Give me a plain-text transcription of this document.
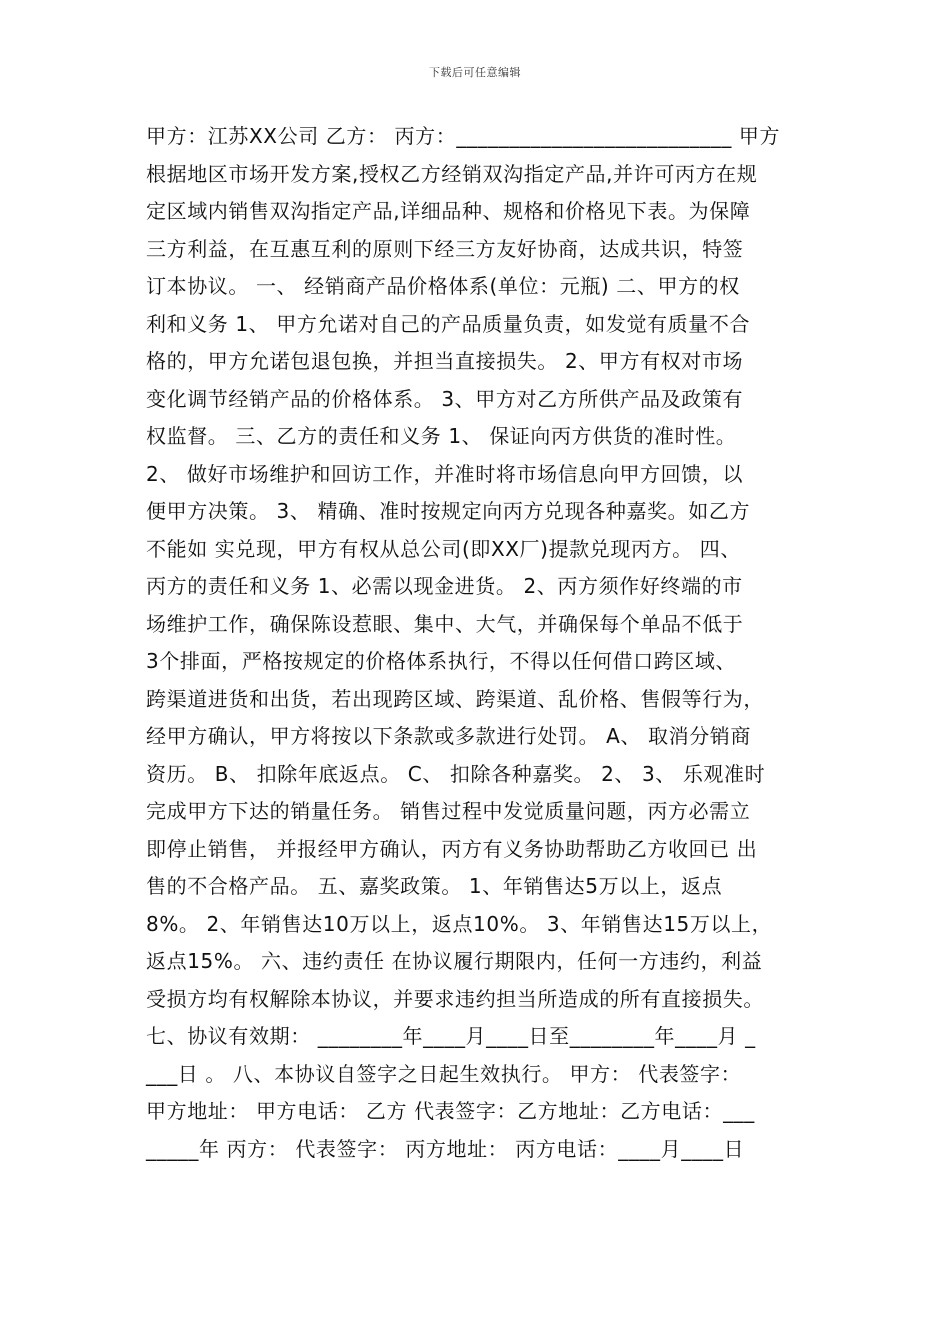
下载后可任意编辑
甲方：江苏XX公司 乙方： 丙方：__________________________ 甲方
根据地区市场开发方案,授权乙方经销双沟指定产品,并许可丙方在规
定区域内销售双沟指定产品,详细品种、规格和价格见下表。为保障
三方利益，在互惠互利的原则下经三方友好协商，达成共识，特签
订本协议。 一、 经销商产品价格体系(单位：元瓶) 二、甲方的权
利和义务 1、 甲方允诺对自己的产品质量负责，如发觉有质量不合
格的，甲方允诺包退包换，并担当直接损失。 2、甲方有权对市场
变化调节经销产品的价格体系。 3、甲方对乙方所供产品及政策有
权监督。 三、乙方的责任和义务 1、 保证向丙方供货的准时性。
2、 做好市场维护和回访工作，并准时将市场信息向甲方回馈，以
便甲方决策。 3、 精确、准时按规定向丙方兑现各种嘉奖。如乙方
不能如 实兑现，甲方有权从总公司(即XX厂)提款兑现丙方。 四、
丙方的责任和义务 1、必需以现金进货。 2、丙方须作好终端的市
场维护工作，确保陈设惹眼、集中、大气，并确保每个单品不低于
3个排面，严格按规定的价格体系执行，不得以任何借口跨区域、
跨渠道进货和出货，若出现跨区域、跨渠道、乱价格、售假等行为，
经甲方确认，甲方将按以下条款或多款进行处罚。 A、 取消分销商
资历。 B、 扣除年底返点。 C、 扣除各种嘉奖。 2、 3、 乐观准时
完成甲方下达的销量任务。 销售过程中发觉质量问题，丙方必需立
即停止销售， 并报经甲方确认，丙方有义务协助帮助乙方收回已 出
售的不合格产品。 五、嘉奖政策。 1、年销售达5万以上，返点
8%。 2、年销售达10万以上，返点10%。 3、年销售达15万以上，
返点15%。 六、违约责任 在协议履行期限内，任何一方违约，利益
受损方均有权解除本协议，并要求违约担当所造成的所有直接损失。
七、协议有效期： ________年____月____日至________年____月 _
___日 。 八、本协议自签字之日起生效执行。 甲方： 代表签字：
甲方地址： 甲方电话： 乙方 代表签字：乙方地址：乙方电话：___
_____年 丙方： 代表签字： 丙方地址： 丙方电话：____月____日
